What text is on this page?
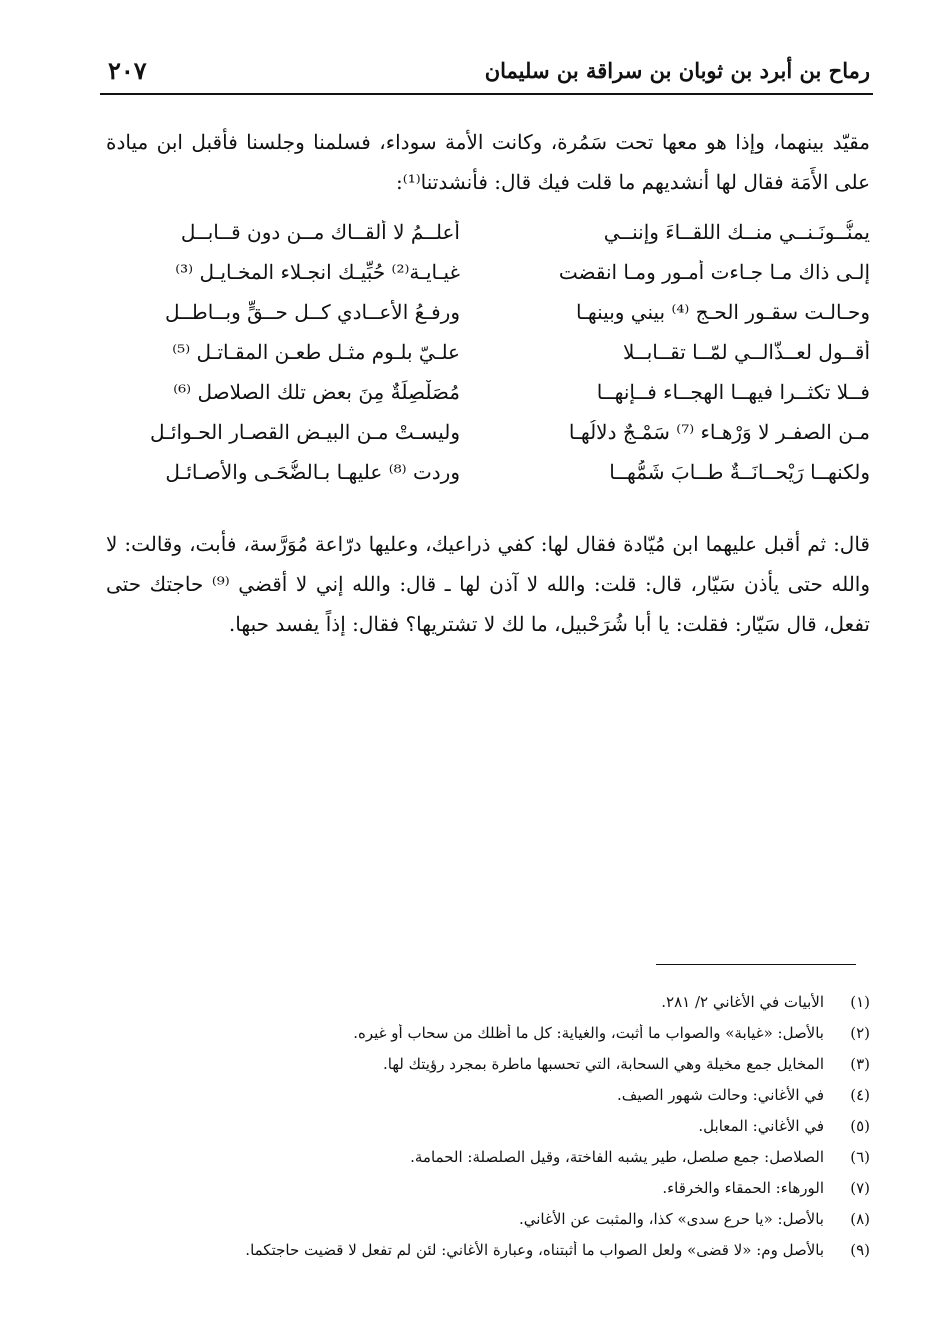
رماح بن أبرد بن ثوبان بن سراقة بن سليمان
٢٠٧
مقيّد بينهما، وإذا هو معها تحت سَمُرة، وكانت الأمة سوداء، فسلمنا وجلسنا فأقبل ابن ميادة على الأَمَة فقال لها أنشديهم ما قلت فيك قال: فأنشدتنا⁽¹⁾:
يمنُّــونَـنــي منــك اللقــاءَ وإننــي
أعلــمُ لا ألقــاك مــن دون قــابــلِ
إلـى ذاك مـا جـاءت أمـور ومـا انقضت
غيـايـة⁽²⁾ حُبِّيـك انجـلاء المخـايـلِ ⁽³⁾
وحـالـت سقـور الحـج ⁽⁴⁾ بيني وبينهـا
ورفـعُ الأعــادي كــل حــقٍّ وبــاطــلِ
أقــول لعــذّالــي لمّــا تقــابــلا
علـيّ بلـوم مثـل طعـنِ المقـاتـلِ ⁽⁵⁾
فــلا تكثــرا فيهــا الهجــاء فــإنهــا
مُصَلْصِلَةٌ مِنَ بعض تلك الصلاصل ⁽⁶⁾
مـن الصفـر لا وَرْهـاء ⁽⁷⁾ سَمْـجٌ دلالُهـا
وليسـتْ مـن البيـض القصـار الحـوائـل
ولكنهــا رَيْحــانَــةٌ طــابَ شَمُّهــا
وردت ⁽⁸⁾ عليهـا بـالضُّحَـى والأصـائـل
قال: ثم أقبل عليهما ابن مُيّادة فقال لها: كفي ذراعيك، وعليها درّاعة مُوَرَّسة، فأبت، وقالت: لا والله حتى يأذن سَيّار، قال: قلت: والله لا آذن لها ـ قال: والله إني لا أقضي ⁽⁹⁾ حاجتك حتى تفعل، قال سَيّار: فقلت: يا أبا شُرَحْبيل، ما لك لا تشتريها؟ فقال: إذاً يفسد حبها.
(١)
الأبيات في الأغاني ٢/ ٢٨١.
(٢)
بالأصل: «غيابة» والصواب ما أثبت، والغياية: كل ما أظلك من سحاب أو غيره.
(٣)
المخايل جمع مخيلة وهي السحابة، التي تحسبها ماطرة بمجرد رؤيتك لها.
(٤)
في الأغاني: وحالت شهور الصيف.
(٥)
في الأغاني: المعابل.
(٦)
الصلاصل: جمع صلصل، طير يشبه الفاختة، وقيل الصلصلة: الحمامة.
(٧)
الورهاء: الحمقاء والخرقاء.
(٨)
بالأصل: «يا حرع سدى» كذا، والمثبت عن الأغاني.
(٩)
بالأصل وم: «لا قضى» ولعل الصواب ما أثبتناه، وعبارة الأغاني: لئن لم تفعل لا قضيت حاجتكما.
